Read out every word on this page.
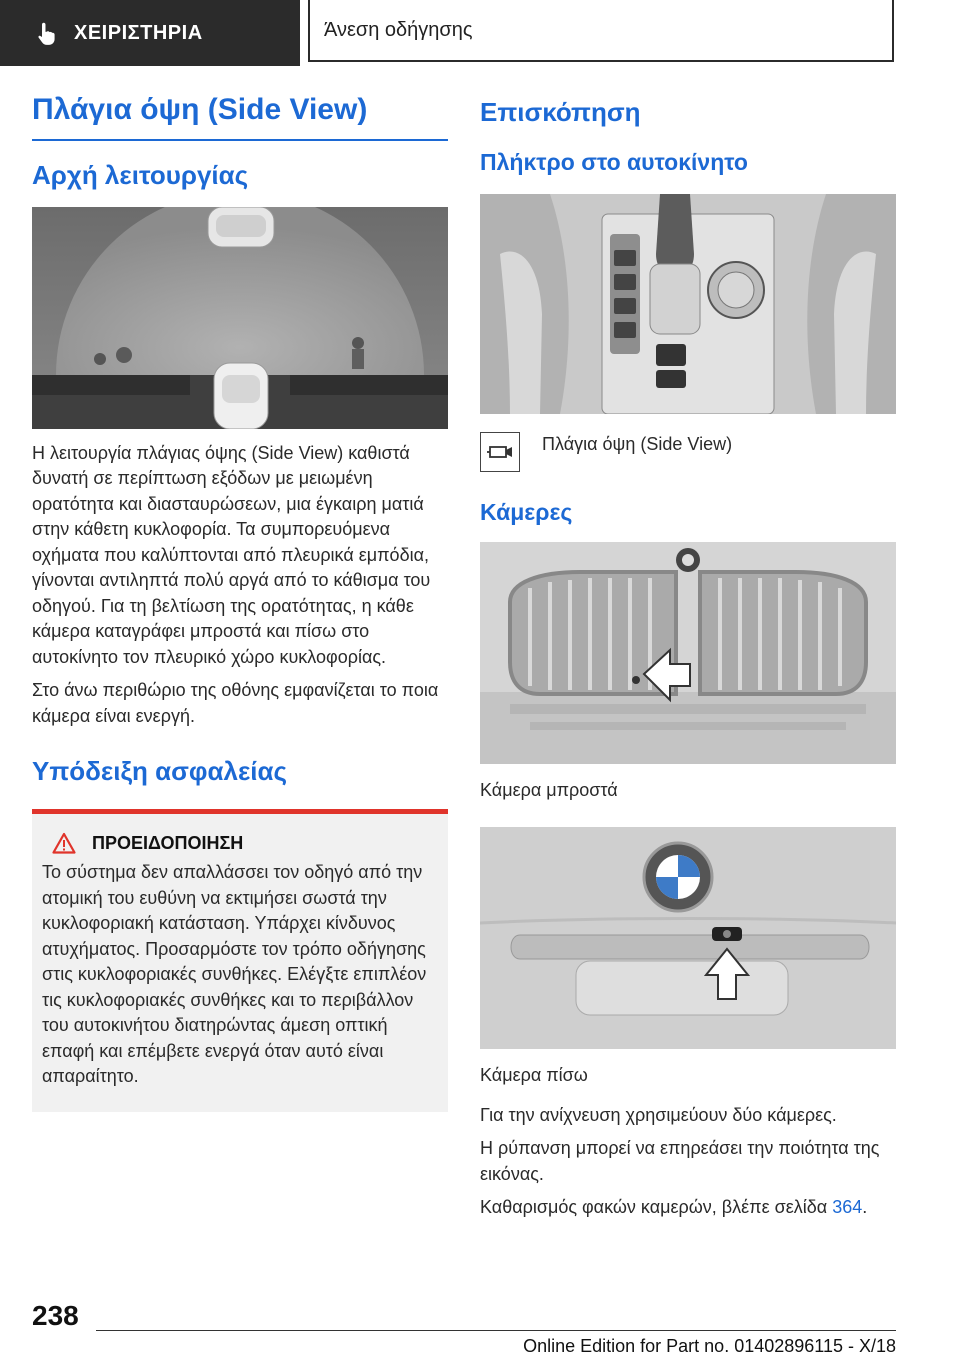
ΧΕΙΡΙΣΤΗΡΙΑ	Άνεση οδήγησης
Πλάγια όψη (Side View)
Αρχή λειτουργίας

Η λειτουργία πλάγιας όψης (Side View) καθιστά δυνατή σε περίπτωση εξόδων με μειωμένη ορατότητα και διασταυρώσεων, μια έγκαιρη ματιά στην κάθετη κυκλοφορία. Τα συμπορευόμενα οχήματα που καλύπτονται από πλευρικά εμπόδια, γίνονται αντιληπτά πολύ αργά από το κάθισμα του οδηγού. Για τη βελτίωση της ορατότητας, η κάθε κάμερα καταγράφει μπροστά και πίσω στο αυτοκίνητο τον πλευρικό χώρο κυκλοφορίας.

Στο άνω περιθώριο της οθόνης εμφανίζεται το ποια κάμερα είναι ενεργή.

Υπόδειξη ασφαλείας
ΠΡΟΕΙΔΟΠΟΙΗΣΗ

Το σύστημα δεν απαλλάσσει τον οδηγό από την ατομική του ευθύνη να εκτιμήσει σωστά την κυκλοφοριακή κατάσταση. Υπάρχει κίνδυνος ατυχήματος. Προσαρμόστε τον τρόπο οδήγησης στις κυκλοφοριακές συνθήκες. Ελέγξτε επιπλέον τις κυκλοφοριακές συνθήκες και το περιβάλλον του αυτοκινήτου διατηρώντας άμεση οπτική επαφή και επέμβετε ενεργά όταν αυτό είναι απαραίτητο.

Επισκόπηση
Πλήκτρο στο αυτοκίνητο

Πλάγια όψη (Side View)

Κάμερες

Κάμερα μπροστά

Κάμερα πίσω

Για την ανίχνευση χρησιμεύουν δύο κάμερες.

Η ρύπανση μπορεί να επηρεάσει την ποιότητα της εικόνας.

Καθαρισμός φακών καμερών, βλέπε σελίδα 364.

238
Online Edition for Part no. 01402896115 - X/18
